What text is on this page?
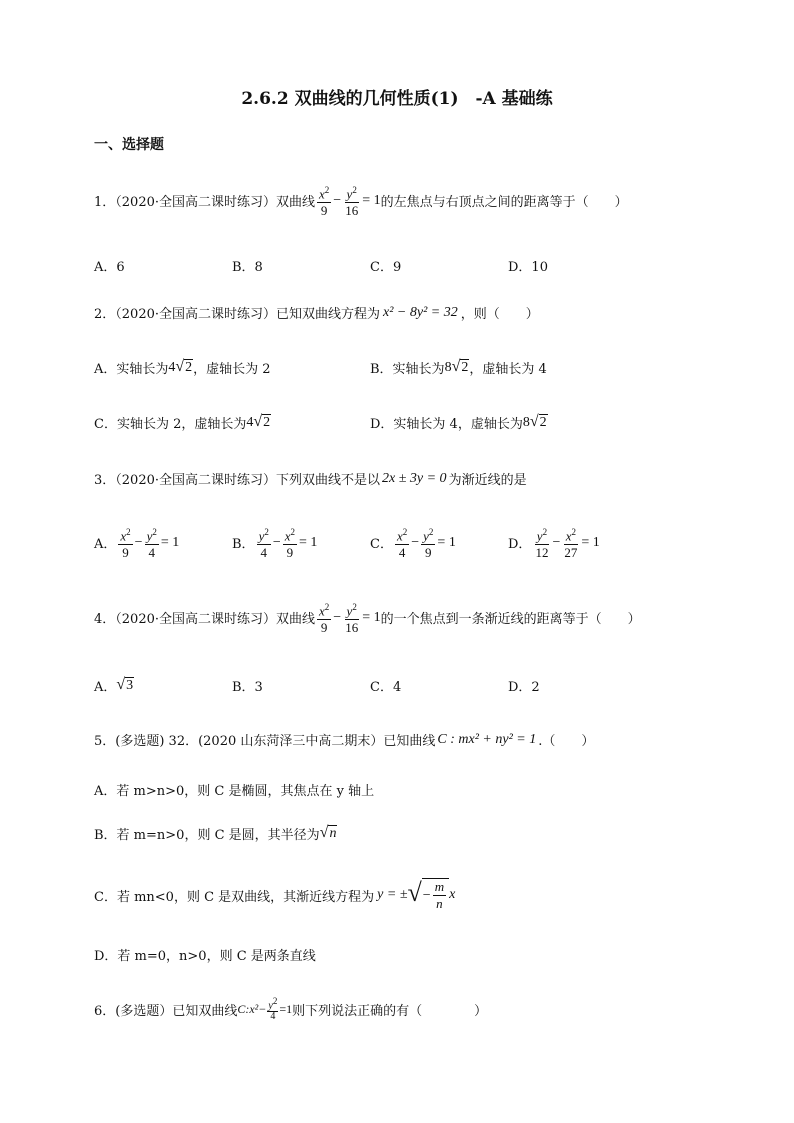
2.6.2 双曲线的几何性质(1)　-A 基础练
一、选择题
1．（2020·全国高二课时练习）双曲线 $\frac{x^2}{9} - \frac{y^2}{16} = 1$ 的左焦点与右顶点之间的距离等于（　　）
A．6	B．8	C．9	D．10
2．（2020·全国高二课时练习）已知双曲线方程为 x² − 8y² = 32 ，则（　　）
A．实轴长为 4 √ 2 ，虚轴长为 2	B．实轴长为 8 √ 2 ，虚轴长为 4
C．实轴长为 2，虚轴长为 4 √ 2	D．实轴长为 4，虚轴长为 8 √ 2
3．（2020·全国高二课时练习）下列双曲线不是以 2x ± 3y = 0 为渐近线的是
A． $\frac{x^2}{9} - \frac{y^2}{4} = 1$	B． $\frac{y^2}{4} - \frac{x^2}{9} = 1$	C． $\frac{x^2}{4} - \frac{y^2}{9} = 1$	D． $\frac{y^2}{12} - \frac{x^2}{27} = 1$
4．（2020·全国高二课时练习）双曲线 $\frac{x^2}{9} - \frac{y^2}{16} = 1$ 的一个焦点到一条渐近线的距离等于（　　）
A． √ 3	B．3	C．4	D．2
5．(多选题) 32．(2020 山东菏泽三中高二期末）已知曲线 C : mx² + ny² = 1 .（　　）
A．若 m>n>0，则 C 是椭圆，其焦点在 y 轴上
B．若 m=n>0，则 C 是圆，其半径为 √ n
C．若 mn<0，则 C 是双曲线，其渐近线方程为 y = ± √ − $\frac{m}{n}$ x
D．若 m=0，n>0，则 C 是两条直线
6．(多选题）已知双曲线 C:x²− $\frac{y^2}{4} =1$ 则下列说法正确的有（　　　　）
